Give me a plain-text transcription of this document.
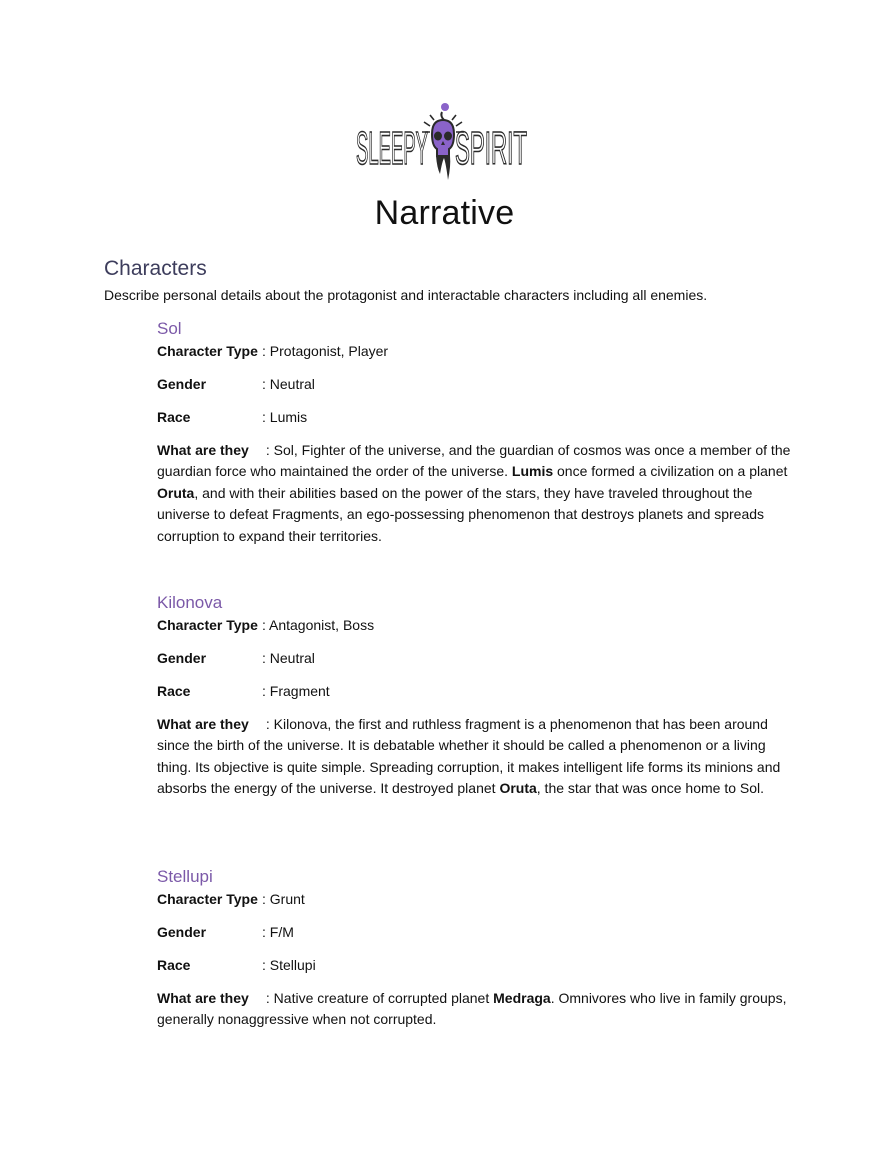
SLEEPY SPIRIT
Narrative
Characters
Describe personal details about the protagonist and interactable characters including all enemies.
Sol
Character Type : Protagonist, Player
Gender	: Neutral
Race	: Lumis
What are they : Sol, Fighter of the universe, and the guardian of cosmos was once a member of the guardian force who maintained the order of the universe. Lumis once formed a civilization on a planet Oruta, and with their abilities based on the power of the stars, they have traveled throughout the universe to defeat Fragments, an ego-possessing phenomenon that destroys planets and spreads corruption to expand their territories.
Kilonova
Character Type : Antagonist, Boss
Gender	: Neutral
Race	: Fragment
What are they : Kilonova, the first and ruthless fragment is a phenomenon that has been around since the birth of the universe. It is debatable whether it should be called a phenomenon or a living thing. Its objective is quite simple. Spreading corruption, it makes intelligent life forms its minions and absorbs the energy of the universe. It destroyed planet Oruta, the star that was once home to Sol.
Stellupi
Character Type : Grunt
Gender	: F/M
Race	: Stellupi
What are they : Native creature of corrupted planet Medraga. Omnivores who live in family groups, generally nonaggressive when not corrupted.
